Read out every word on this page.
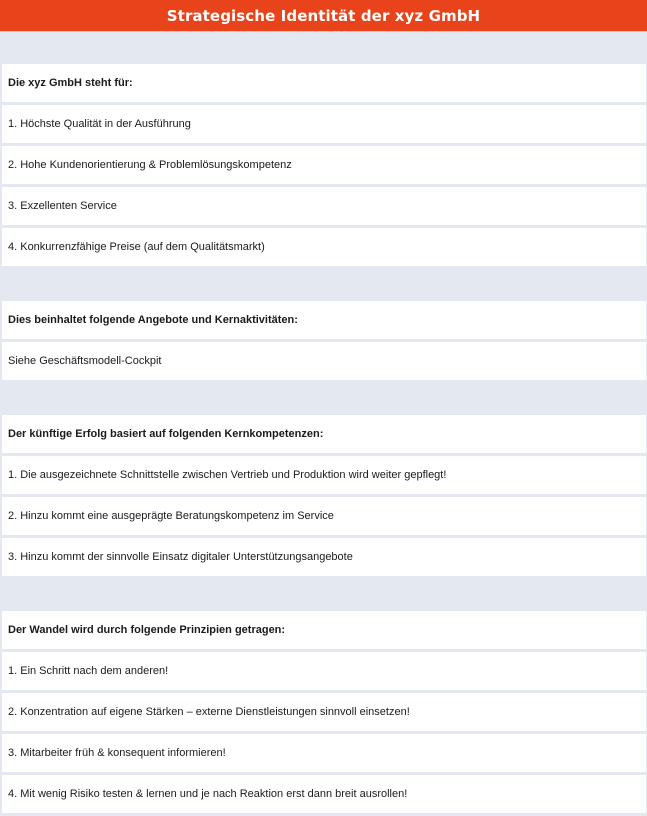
Strategische Identität der xyz GmbH
Die xyz GmbH steht für:
1. Höchste Qualität in der Ausführung
2. Hohe Kundenorientierung & Problemlösungskompetenz
3. Exzellenten Service
4. Konkurrenzfähige Preise (auf dem Qualitätsmarkt)
Dies beinhaltet folgende Angebote und Kernaktivitäten:
Siehe Geschäftsmodell-Cockpit
Der künftige Erfolg basiert auf folgenden Kernkompetenzen:
1. Die ausgezeichnete Schnittstelle zwischen Vertrieb und Produktion wird weiter gepflegt!
2. Hinzu kommt eine ausgeprägte Beratungskompetenz im Service
3. Hinzu kommt der sinnvolle Einsatz digitaler Unterstützungsangebote
Der Wandel wird durch folgende Prinzipien getragen:
1. Ein Schritt nach dem anderen!
2. Konzentration auf eigene Stärken – externe Dienstleistungen sinnvoll einsetzen!
3. Mitarbeiter früh & konsequent informieren!
4. Mit wenig Risiko testen & lernen und je nach Reaktion erst dann breit ausrollen!
